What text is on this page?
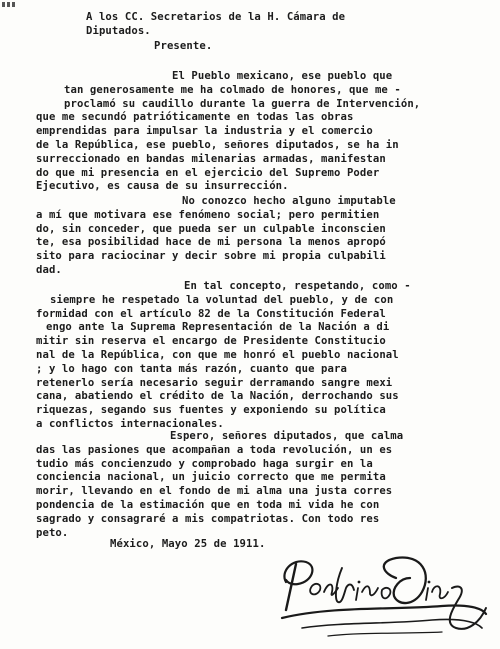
A los CC. Secretarios de la H. Cámara de
Diputados.
Presente.
El Pueblo mexicano, ese pueblo que
tan generosamente me ha colmado de honores, que me -
proclamó su caudillo durante la guerra de Intervención,
que me secundó patrióticamente en todas las obras
emprendidas para impulsar la industria y el comercio
de la República, ese pueblo, señores diputados, se ha in
surreccionado en bandas milenarias armadas, manifestan
do que mi presencia en el ejercicio del Supremo Poder
Ejecutivo, es causa de su insurrección.
No conozco hecho alguno imputable
a mí que motivara ese fenómeno social; pero permitien
do, sin conceder, que pueda ser un culpable inconscien
te, esa posibilidad hace de mi persona la menos apropó
sito para raciocinar y decir sobre mi propia culpabili
dad.
En tal concepto, respetando, como -
siempre he respetado la voluntad del pueblo, y de con
formidad con el artículo 82 de la Constitución Federal
engo ante la Suprema Representación de la Nación a di
mitir sin reserva el encargo de Presidente Constitucio
nal de la República, con que me honró el pueblo nacional
; y lo hago con tanta más razón, cuanto que para
retenerlo sería necesario seguir derramando sangre mexi
cana, abatiendo el crédito de la Nación, derrochando sus
riquezas, segando sus fuentes y exponiendo su política
a conflictos internacionales.
Espero, señores diputados, que calma
das las pasiones que acompañan a toda revolución, un es
tudio más concienzudo y comprobado haga surgir en la
conciencia nacional, un juicio correcto que me permita
morir, llevando en el fondo de mi alma una justa corres
pondencia de la estimación que en toda mi vida he con
sagrado y consagraré a mis compatriotas. Con todo res
peto.
México, Mayo 25 de 1911.
